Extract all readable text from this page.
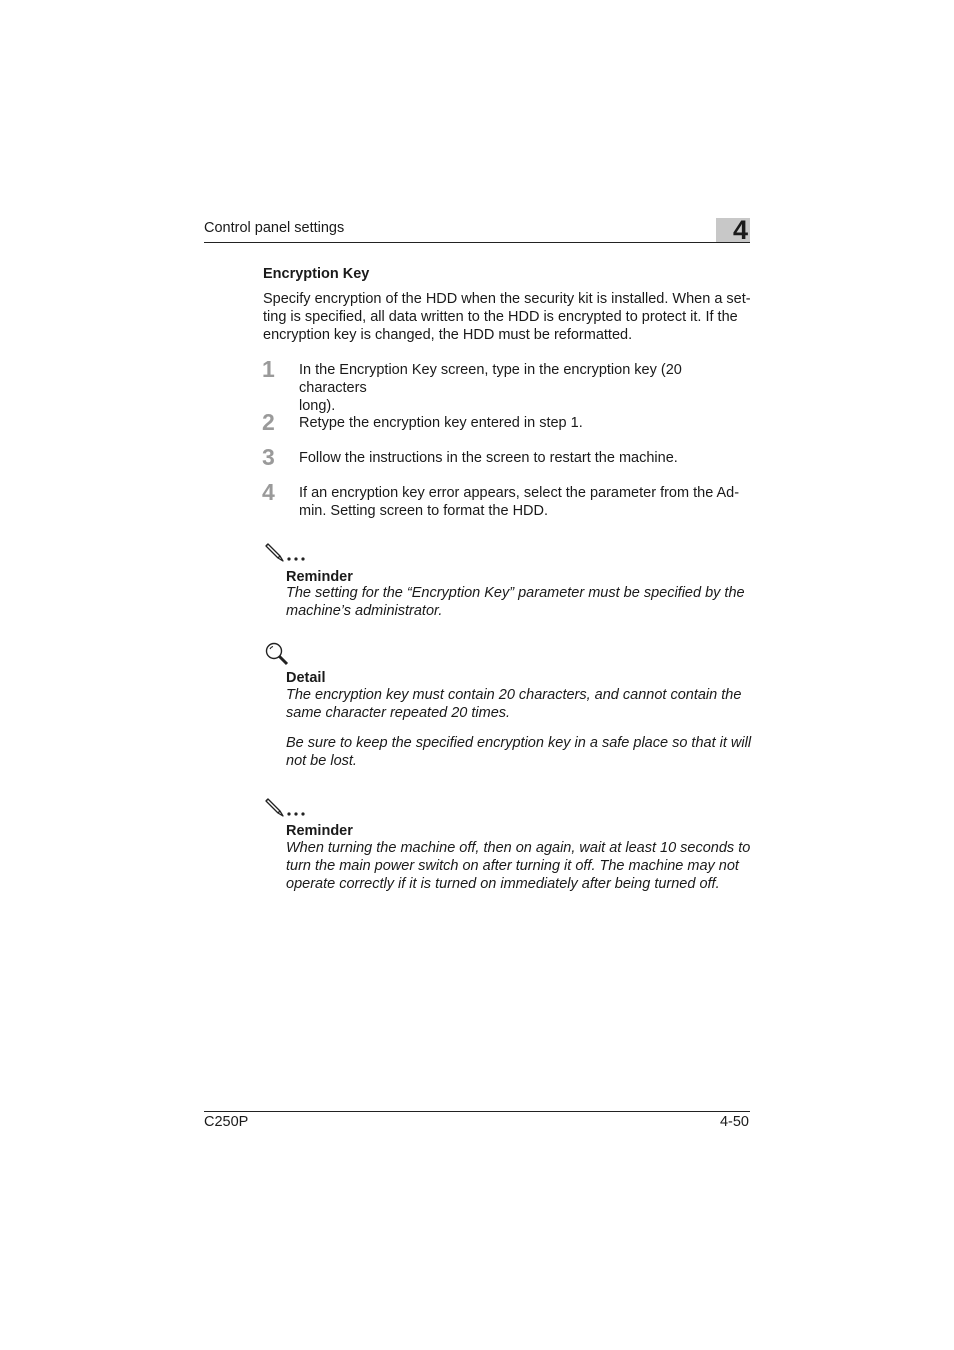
Control panel settings	4
Encryption Key

Specify encryption of the HDD when the security kit is installed. When a set-

ting is specified, all data written to the HDD is encrypted to protect it. If the

encryption key is changed, the HDD must be reformatted.

1 In the Encryption Key screen, type in the encryption key (20 characters
long).
2 Retype the encryption key entered in step 1.
3 Follow the instructions in the screen to restart the machine.
4 If an encryption key error appears, select the parameter from the Ad-
min. Setting screen to format the HDD.
Reminder
The setting for the “Encryption Key” parameter must be specified by the
machine’s administrator.
Detail
The encryption key must contain 20 characters, and cannot contain the
same character repeated 20 times.
Be sure to keep the specified encryption key in a safe place so that it will
not be lost.
Reminder
When turning the machine off, then on again, wait at least 10 seconds to
turn the main power switch on after turning it off. The machine may not
operate correctly if it is turned on immediately after being turned off.
C250P	4-50
